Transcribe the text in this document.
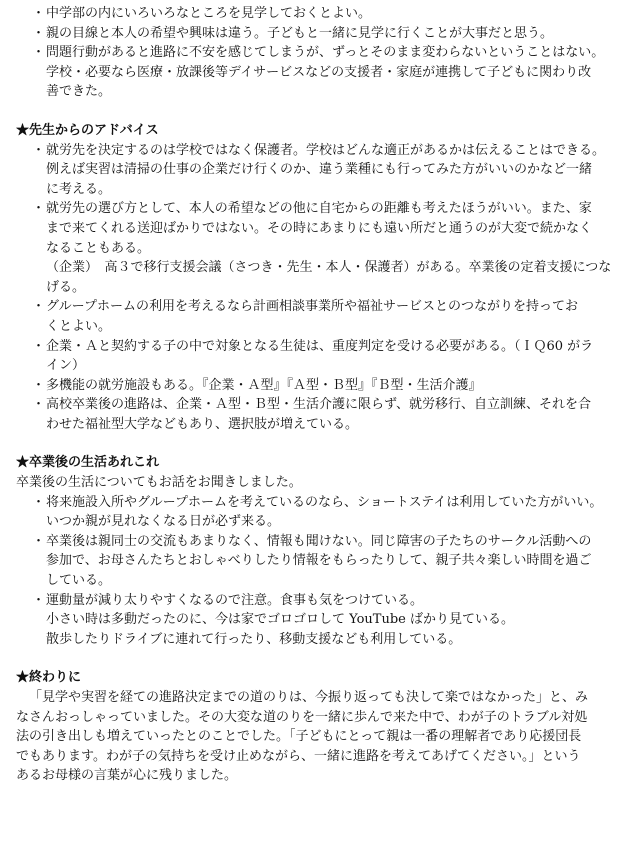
・ 中学部の内にいろいろなところを見学しておくとよい。
・ 親の目線と本人の希望や興味は違う。子どもと一緒に見学に行くことが大事だと思う。
・ 問題行動があると進路に不安を感じてしまうが、ずっとそのまま変わらないということはない。
学校・必要なら医療・放課後等デイサービスなどの支援者・家庭が連携して子どもに関わり改
善できた。

★先生からのアドバイス

・ 就労先を決定するのは学校ではなく保護者。学校はどんな適正があるかは伝えることはできる。
例えば実習は清掃の仕事の企業だけ行くのか、違う業種にも行ってみた方がいいのかなど一緒
に考える。
・ 就労先の選び方として、本人の希望などの他に自宅からの距離も考えたほうがいい。また、家
まで来てくれる送迎ばかりではない。その時にあまりにも遠い所だと通うのが大変で続かなく
なることもある。
（企業）　高３で移行支援会議（さつき・先生・本人・保護者）がある。卒業後の定着支援につな
げる。
・ グループホームの利用を考えるなら計画相談事業所や福祉サービスとのつながりを持ってお
くとよい。
・ 企業・Ａと契約する子の中で対象となる生徒は、重度判定を受ける必要がある。（ＩＱ60 がラ
イン）
・ 多機能の就労施設もある。『企業・Ａ型』『Ａ型・Ｂ型』『Ｂ型・生活介護』
・ 高校卒業後の進路は、企業・Ａ型・Ｂ型・生活介護に限らず、就労移行、自立訓練、それを合
わせた福祉型大学などもあり、選択肢が増えている。

★卒業後の生活あれこれ

卒業後の生活についてもお話をお聞きしました。

・ 将来施設入所やグループホームを考えているのなら、ショートステイは利用していた方がいい。
いつか親が見れなくなる日が必ず来る。
・ 卒業後は親同士の交流もあまりなく、情報も聞けない。同じ障害の子たちのサークル活動への
参加で、お母さんたちとおしゃべりしたり情報をもらったりして、親子共々楽しい時間を過ご
している。
・ 運動量が減り太りやすくなるので注意。食事も気をつけている。
小さい時は多動だったのに、今は家でゴロゴロして YouTube ばかり見ている。
散歩したりドライブに連れて行ったり、移動支援なども利用している。

★終わりに

「見学や実習を経ての進路決定までの道のりは、今振り返っても決して楽ではなかった」と、み
なさんおっしゃっていました。その大変な道のりを一緒に歩んで来た中で、わが子のトラブル対処
法の引き出しも増えていったとのことでした。「子どもにとって親は一番の理解者であり応援団長
でもあります。わが子の気持ちを受け止めながら、一緒に進路を考えてあげてください。」という
あるお母様の言葉が心に残りました。
